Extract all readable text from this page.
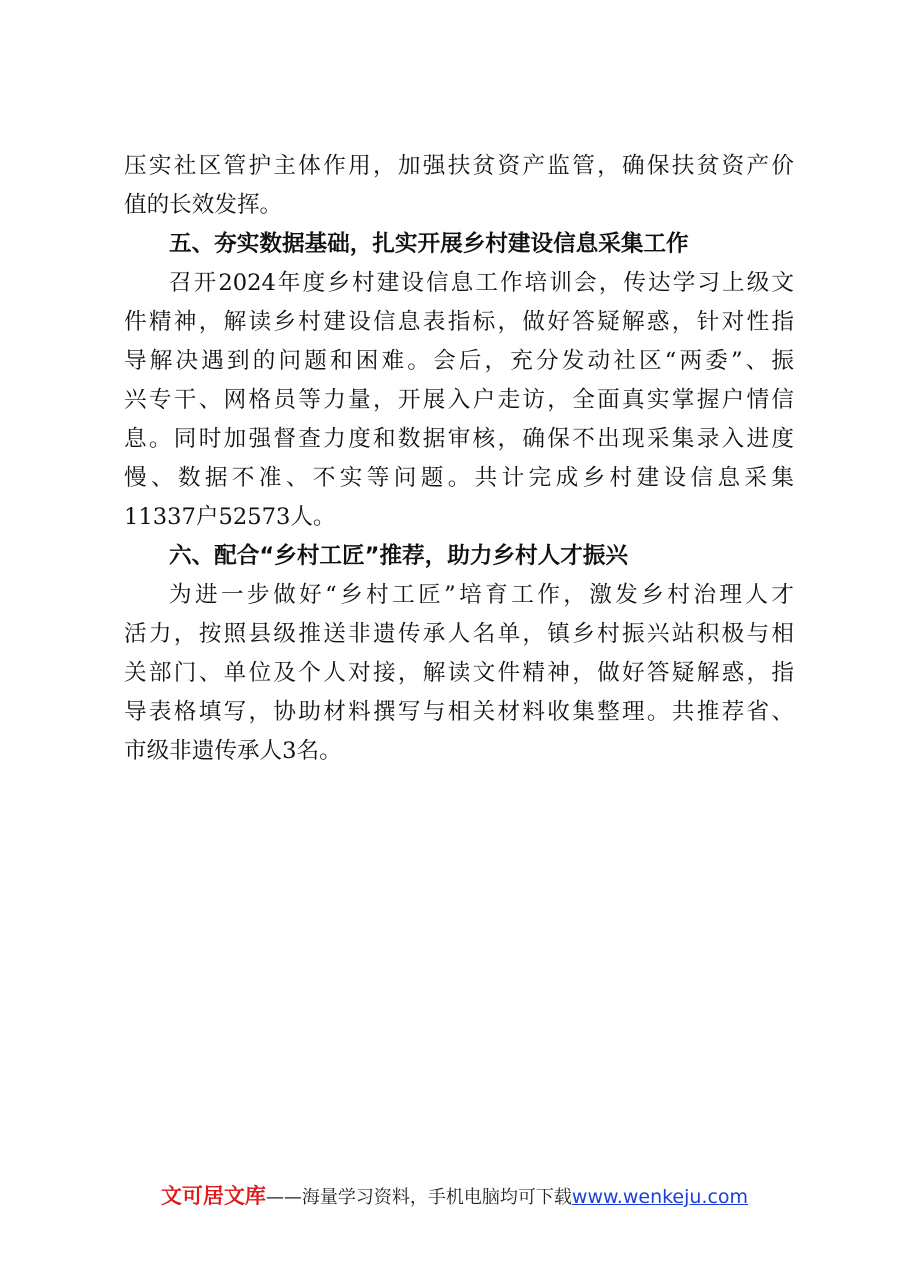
压实社区管护主体作用，加强扶贫资产监管，确保扶贫资产价
值的长效发挥。
五、夯实数据基础，扎实开展乡村建设信息采集工作
召开2024年度乡村建设信息工作培训会，传达学习上级文
件精神，解读乡村建设信息表指标，做好答疑解惑，针对性指
导解决遇到的问题和困难。会后，充分发动社区“两委”、振
兴专干、网格员等力量，开展入户走访，全面真实掌握户情信
息。同时加强督查力度和数据审核，确保不出现采集录入进度
慢、数据不准、不实等问题。共计完成乡村建设信息采集
11337户52573人。
六、配合“乡村工匠”推荐，助力乡村人才振兴
为进一步做好“乡村工匠”培育工作，激发乡村治理人才
活力，按照县级推送非遗传承人名单，镇乡村振兴站积极与相
关部门、单位及个人对接，解读文件精神，做好答疑解惑，指
导表格填写，协助材料撰写与相关材料收集整理。共推荐省、
市级非遗传承人3名。
文可居文库——海量学习资料，手机电脑均可下载www.wenkeju.com
